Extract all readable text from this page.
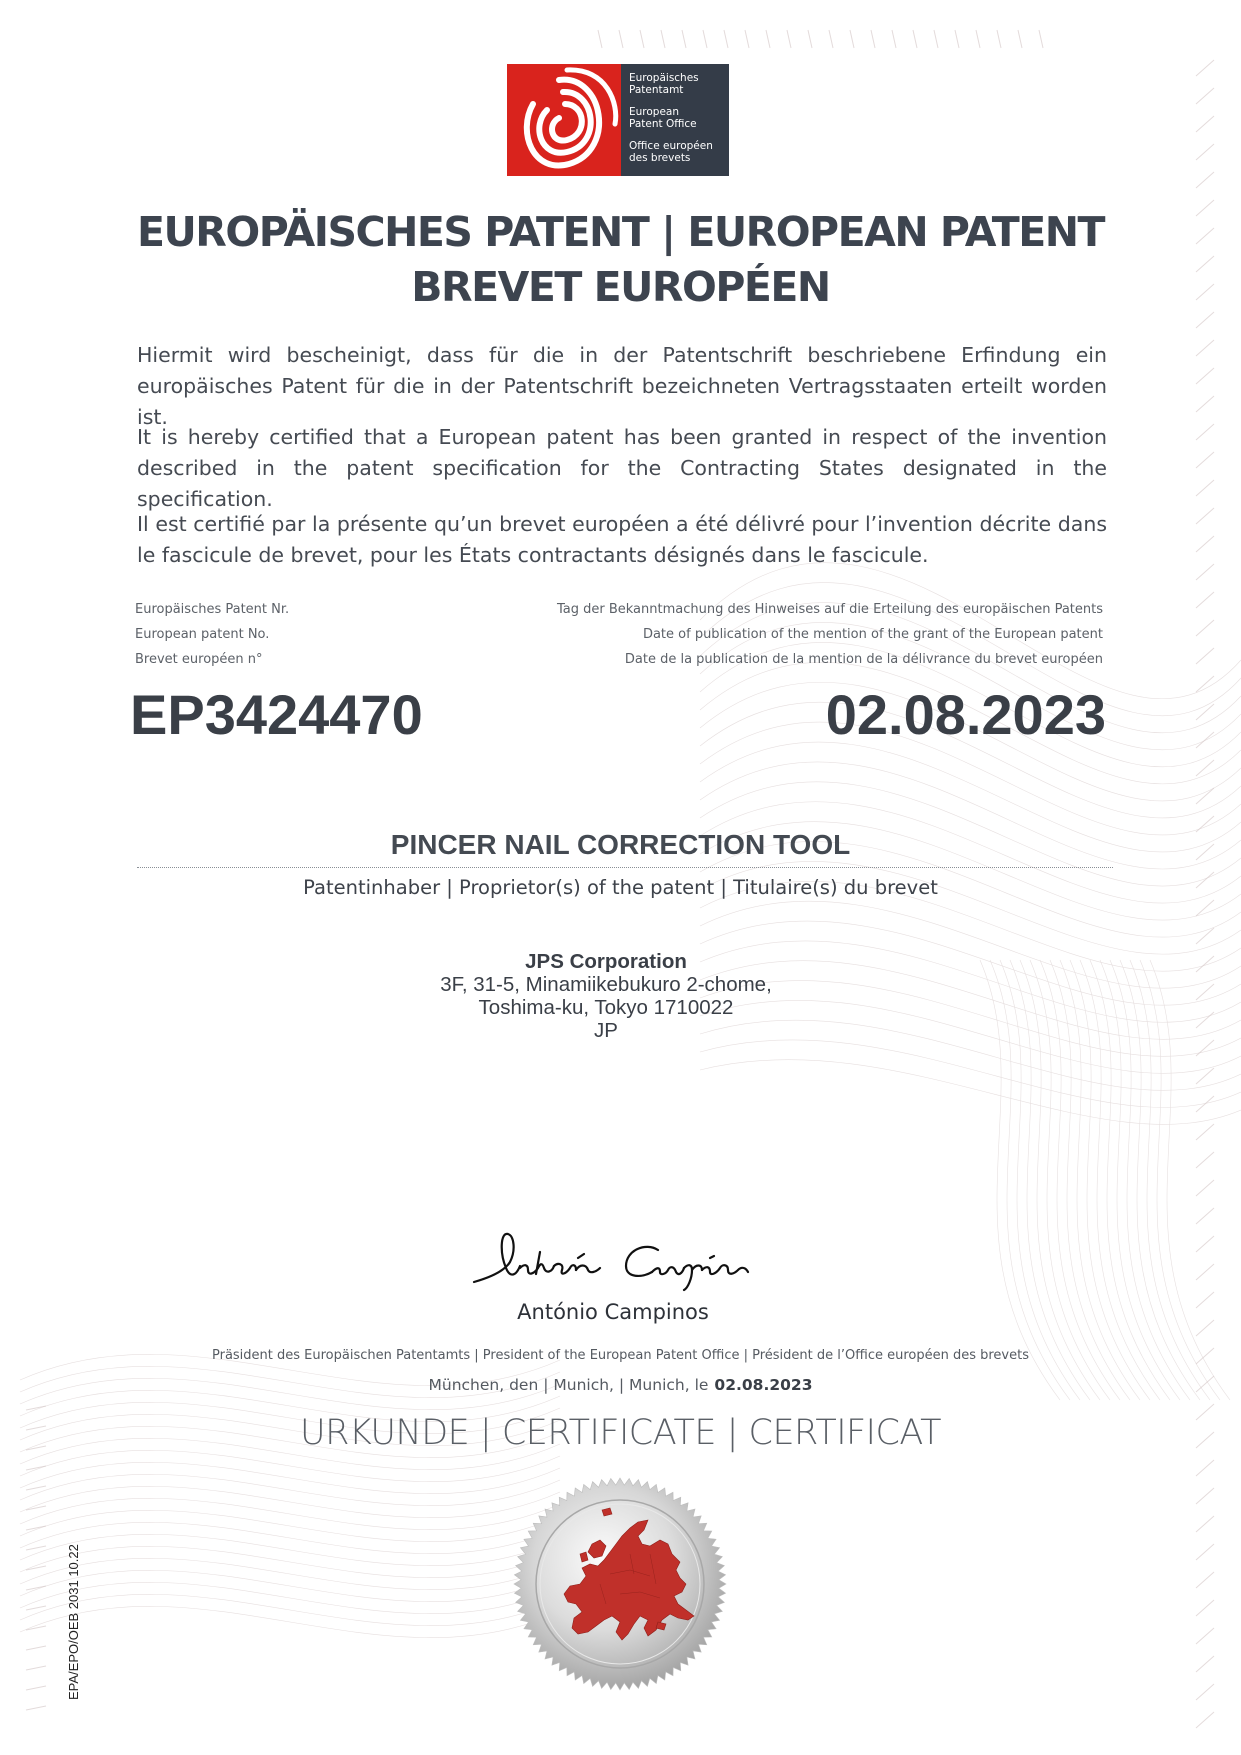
Europäisches
Patentamt
European
Patent Office
Office européen
des brevets
EUROPÄISCHES PATENT | EUROPEAN PATENT
BREVET EUROPÉEN

Hiermit wird bescheinigt, dass für die in der Patentschrift beschriebene Erfindung ein europäisches Patent für die in der Patentschrift bezeichneten Vertragsstaaten erteilt worden ist.

It is hereby certified that a European patent has been granted in respect of the invention described in the patent specification for the Contracting States designated in the specification.

Il est certifié par la présente qu’un brevet européen a été délivré pour l’invention décrite dans le fascicule de brevet, pour les États contractants désignés dans le fascicule.

Europäisches Patent Nr.
European patent No.
Brevet européen n°
Tag der Bekanntmachung des Hinweises auf die Erteilung des europäischen Patents
Date of publication of the mention of the grant of the European patent
Date de la publication de la mention de la délivrance du brevet européen
EP3424470	02.08.2023
PINCER NAIL CORRECTION TOOL
Patentinhaber | Proprietor(s) of the patent | Titulaire(s) du brevet
JPS Corporation
3F, 31-5, Minamiikebukuro 2-chome,
Toshima-ku, Tokyo 1710022
JP
António Campinos
Präsident des Europäischen Patentamts | President of the European Patent Office | Président de l’Office européen des brevets
München, den | Munich, | Munich, le 02.08.2023
URKUNDE | CERTIFICATE | CERTIFICAT
EPA/EPO/OEB 2031 10.22
